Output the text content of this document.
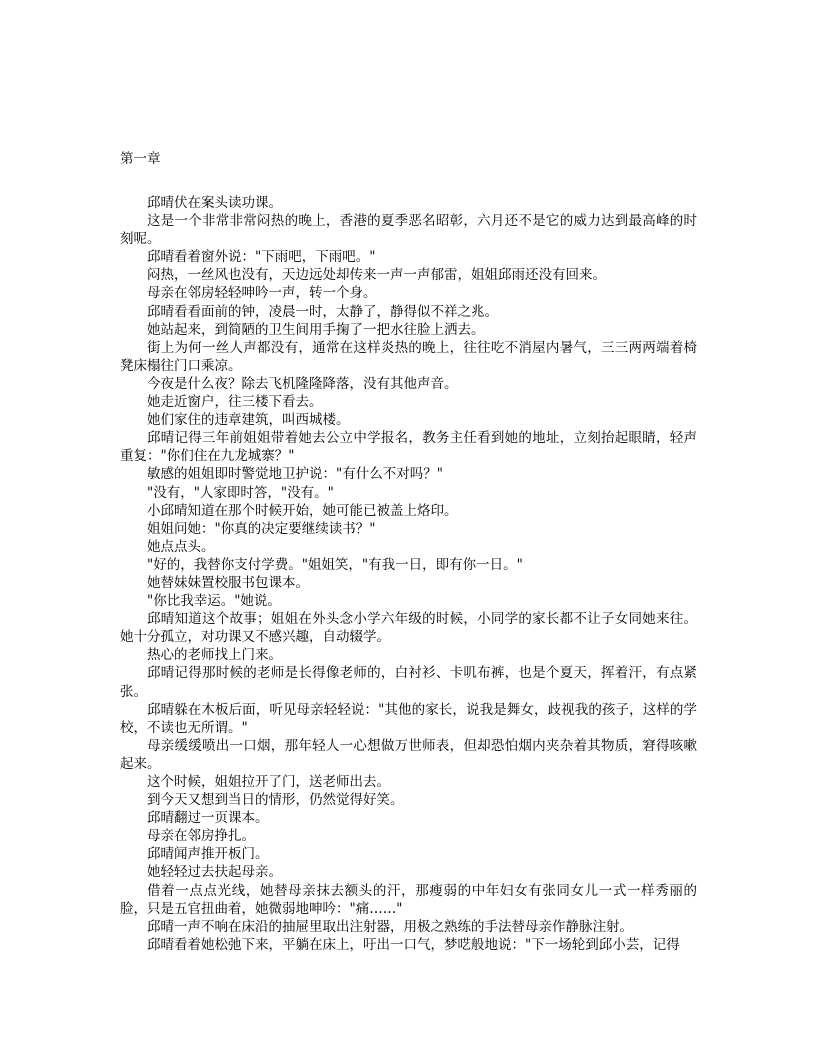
第一章

邱晴伏在案头读功课。

这是一个非常非常闷热的晚上，香港的夏季恶名昭彰，六月还不是它的威力达到最高峰的时刻呢。

邱晴看着窗外说："下雨吧，下雨吧。"

闷热，一丝风也没有，天边远处却传来一声一声郁雷，姐姐邱雨还没有回来。

母亲在邻房轻轻呻吟一声，转一个身。

邱晴看看面前的钟，凌晨一时，太静了，静得似不祥之兆。

她站起来，到简陋的卫生间用手掬了一把水往脸上洒去。

街上为何一丝人声都没有，通常在这样炎热的晚上，往往吃不消屋内暑气，三三两两端着椅凳床榻往门口乘凉。

今夜是什么夜？除去飞机隆隆降落，没有其他声音。

她走近窗户，往三楼下看去。

她们家住的违章建筑，叫西城楼。

邱晴记得三年前姐姐带着她去公立中学报名，教务主任看到她的地址，立刻抬起眼睛，轻声重复："你们住在九龙城寨？"

敏感的姐姐即时警觉地卫护说："有什么不对吗？"

"没有，"人家即时答，"没有。"

小邱晴知道在那个时候开始，她可能已被盖上烙印。

姐姐问她："你真的决定要继续读书？"

她点点头。

"好的，我替你支付学费。"姐姐笑，"有我一日，即有你一日。"

她替妹妹置校服书包课本。

"你比我幸运。"她说。

邱晴知道这个故事；姐姐在外头念小学六年级的时候，小同学的家长都不让子女同她来往。她十分孤立，对功课又不感兴趣，自动辍学。

热心的老师找上门来。

邱晴记得那时候的老师是长得像老师的，白衬衫、卡叽布裤，也是个夏天，挥着汗，有点紧张。

邱晴躲在木板后面，听见母亲轻轻说："其他的家长，说我是舞女，歧视我的孩子，这样的学校，不读也无所谓。"

母亲缓缓喷出一口烟，那年轻人一心想做万世师表，但却恐怕烟内夹杂着其物质，窘得咳嗽起来。

这个时候，姐姐拉开了门，送老师出去。

到今天又想到当日的情形，仍然觉得好笑。

邱晴翻过一页课本。

母亲在邻房挣扎。

邱晴闻声推开板门。

她轻轻过去扶起母亲。

借着一点点光线，她替母亲抹去额头的汗，那瘦弱的中年妇女有张同女儿一式一样秀丽的脸，只是五官扭曲着，她微弱地呻吟："痛……"

邱晴一声不响在床沿的抽屉里取出注射器，用极之熟练的手法替母亲作静脉注射。

邱晴看着她松弛下来，平躺在床上，吁出一口气，梦呓般地说："下一场轮到邱小芸，记得
